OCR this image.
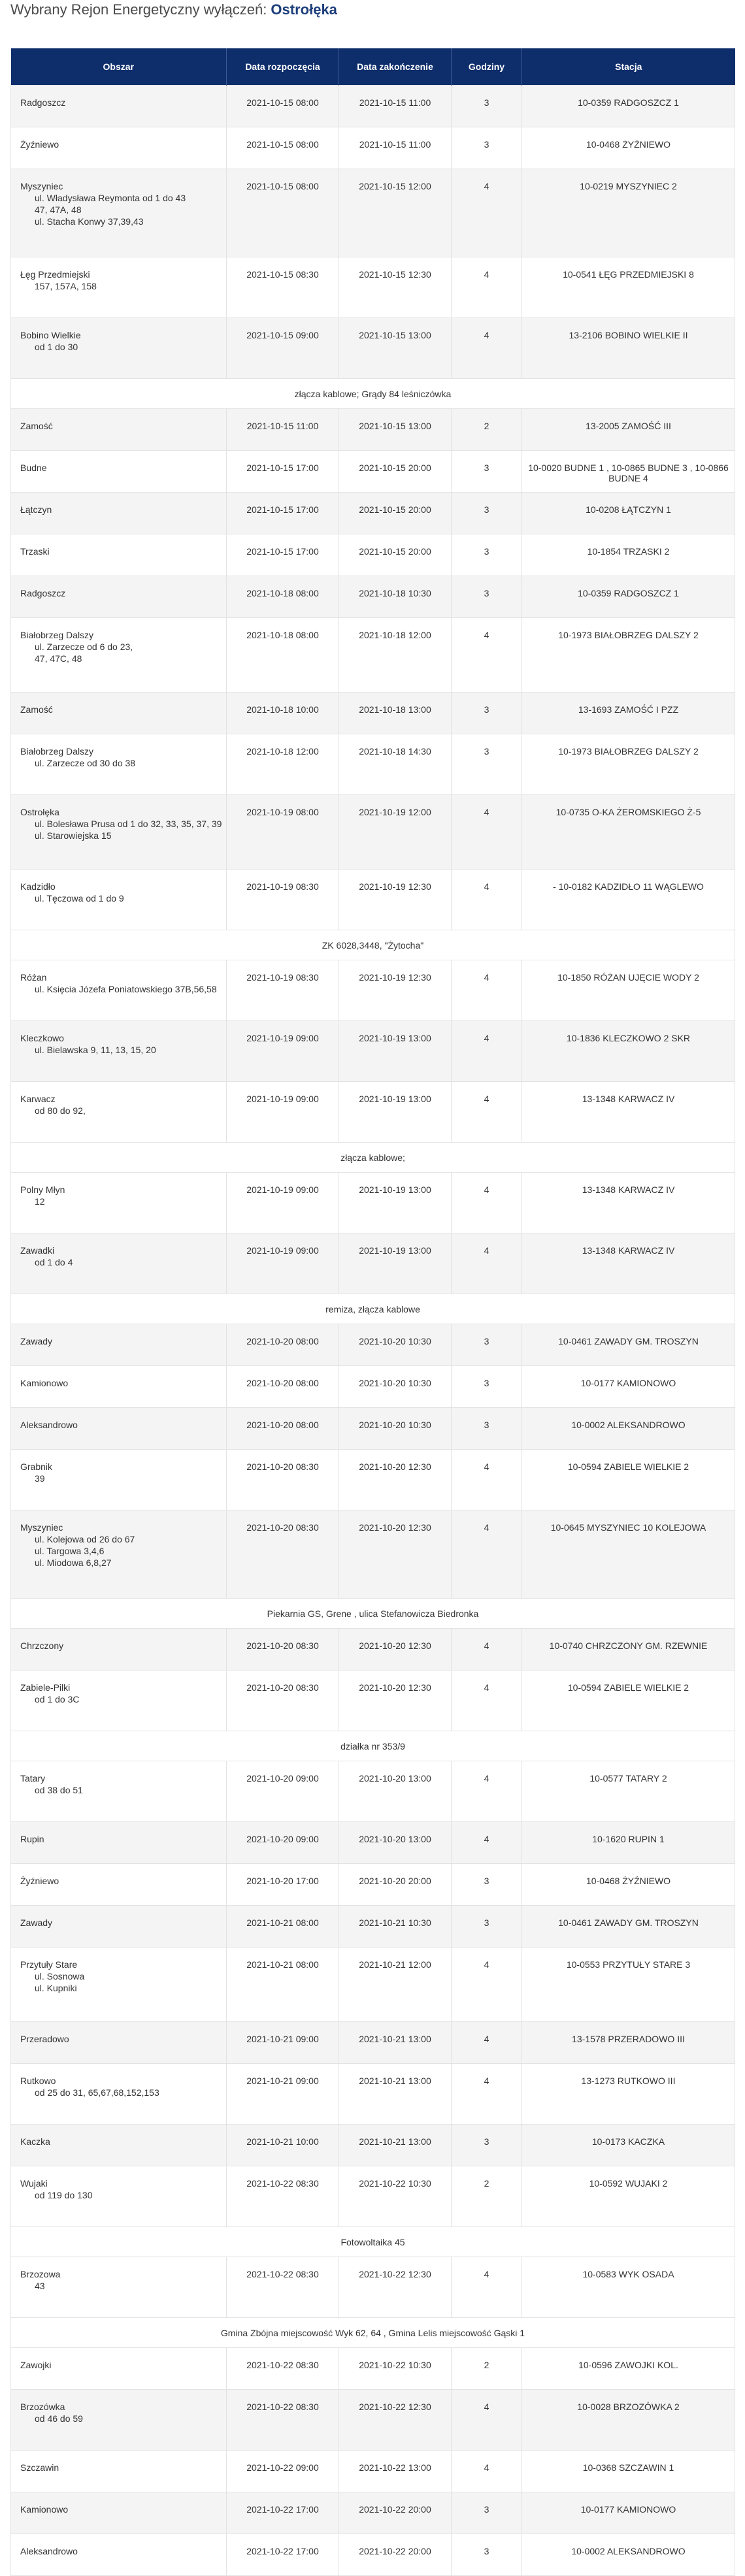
Wybrany Rejon Energetyczny wyłączeń: Ostrołęka
Obszar	Data rozpoczęcia	Data zakończenie	Godziny	Stacja
Radgoszcz	2021-10-15 08:00	2021-10-15 11:00	3	10-0359 RADGOSZCZ 1
Żyźniewo	2021-10-15 08:00	2021-10-15 11:00	3	10-0468 ŻYŹNIEWO
Myszyniec
ul. Władysława Reymonta od 1 do 43
47, 47A, 48
ul. Stacha Konwy 37,39,43	2021-10-15 08:00	2021-10-15 12:00	4	10-0219 MYSZYNIEC 2
Łęg Przedmiejski
157, 157A, 158	2021-10-15 08:30	2021-10-15 12:30	4	10-0541 ŁĘG PRZEDMIEJSKI 8
Bobino Wielkie
od 1 do 30	2021-10-15 09:00	2021-10-15 13:00	4	13-2106 BOBINO WIELKIE II
złącza kablowe; Grądy 84 leśniczówka				
Zamość	2021-10-15 11:00	2021-10-15 13:00	2	13-2005 ZAMOŚĆ III
Budne	2021-10-15 17:00	2021-10-15 20:00	3	10-0020 BUDNE 1 , 10-0865 BUDNE 3 , 10-0866 BUDNE 4
Łątczyn	2021-10-15 17:00	2021-10-15 20:00	3	10-0208 ŁĄTCZYN 1
Trzaski	2021-10-15 17:00	2021-10-15 20:00	3	10-1854 TRZASKI 2
Radgoszcz	2021-10-18 08:00	2021-10-18 10:30	3	10-0359 RADGOSZCZ 1
Białobrzeg Dalszy
ul. Zarzecze od 6 do 23,
47, 47C, 48	2021-10-18 08:00	2021-10-18 12:00	4	10-1973 BIAŁOBRZEG DALSZY 2
Zamość	2021-10-18 10:00	2021-10-18 13:00	3	13-1693 ZAMOŚĆ I PZZ
Białobrzeg Dalszy
ul. Zarzecze od 30 do 38	2021-10-18 12:00	2021-10-18 14:30	3	10-1973 BIAŁOBRZEG DALSZY 2
Ostrołęka
ul. Bolesława Prusa od 1 do 32, 33, 35, 37, 39
ul. Starowiejska 15	2021-10-19 08:00	2021-10-19 12:00	4	10-0735 O-KA ŻEROMSKIEGO Ż-5
Kadzidło
ul. Tęczowa od 1 do 9	2021-10-19 08:30	2021-10-19 12:30	4	- 10-0182 KADZIDŁO 11 WĄGLEWO
ZK 6028,3448, "Żytocha"				
Różan
ul. Księcia Józefa Poniatowskiego 37B,56,58	2021-10-19 08:30	2021-10-19 12:30	4	10-1850 RÓŻAN UJĘCIE WODY 2
Kleczkowo
ul. Bielawska 9, 11, 13, 15, 20	2021-10-19 09:00	2021-10-19 13:00	4	10-1836 KLECZKOWO 2 SKR
Karwacz
od 80 do 92,	2021-10-19 09:00	2021-10-19 13:00	4	13-1348 KARWACZ IV
złącza kablowe;				
Polny Młyn
12	2021-10-19 09:00	2021-10-19 13:00	4	13-1348 KARWACZ IV
Zawadki
od 1 do 4	2021-10-19 09:00	2021-10-19 13:00	4	13-1348 KARWACZ IV
remiza, złącza kablowe				
Zawady	2021-10-20 08:00	2021-10-20 10:30	3	10-0461 ZAWADY GM. TROSZYN
Kamionowo	2021-10-20 08:00	2021-10-20 10:30	3	10-0177 KAMIONOWO
Aleksandrowo	2021-10-20 08:00	2021-10-20 10:30	3	10-0002 ALEKSANDROWO
Grabnik
39	2021-10-20 08:30	2021-10-20 12:30	4	10-0594 ZABIELE WIELKIE 2
Myszyniec
ul. Kolejowa od 26 do 67
ul. Targowa 3,4,6
ul. Miodowa 6,8,27	2021-10-20 08:30	2021-10-20 12:30	4	10-0645 MYSZYNIEC 10 KOLEJOWA
Piekarnia GS, Grene , ulica Stefanowicza Biedronka				
Chrzczony	2021-10-20 08:30	2021-10-20 12:30	4	10-0740 CHRZCZONY GM. RZEWNIE
Zabiele-Pilki
od 1 do 3C	2021-10-20 08:30	2021-10-20 12:30	4	10-0594 ZABIELE WIELKIE 2
działka nr 353/9				
Tatary
od 38 do 51	2021-10-20 09:00	2021-10-20 13:00	4	10-0577 TATARY 2
Rupin	2021-10-20 09:00	2021-10-20 13:00	4	10-1620 RUPIN 1
Żyźniewo	2021-10-20 17:00	2021-10-20 20:00	3	10-0468 ŻYŹNIEWO
Zawady	2021-10-21 08:00	2021-10-21 10:30	3	10-0461 ZAWADY GM. TROSZYN
Przytuły Stare
ul. Sosnowa
ul. Kupniki	2021-10-21 08:00	2021-10-21 12:00	4	10-0553 PRZYTUŁY STARE 3
Przeradowo	2021-10-21 09:00	2021-10-21 13:00	4	13-1578 PRZERADOWO III
Rutkowo
od 25 do 31, 65,67,68,152,153	2021-10-21 09:00	2021-10-21 13:00	4	13-1273 RUTKOWO III
Kaczka	2021-10-21 10:00	2021-10-21 13:00	3	10-0173 KACZKA
Wujaki
od 119 do 130	2021-10-22 08:30	2021-10-22 10:30	2	10-0592 WUJAKI 2
Fotowoltaika 45				
Brzozowa
43	2021-10-22 08:30	2021-10-22 12:30	4	10-0583 WYK OSADA
Gmina Zbójna miejscowość Wyk 62, 64 , Gmina Lelis miejscowość Gąski 1				
Zawojki	2021-10-22 08:30	2021-10-22 10:30	2	10-0596 ZAWOJKI KOL.
Brzozówka
od 46 do 59	2021-10-22 08:30	2021-10-22 12:30	4	10-0028 BRZOZÓWKA 2
Szczawin	2021-10-22 09:00	2021-10-22 13:00	4	10-0368 SZCZAWIN 1
Kamionowo	2021-10-22 17:00	2021-10-22 20:00	3	10-0177 KAMIONOWO
Aleksandrowo	2021-10-22 17:00	2021-10-22 20:00	3	10-0002 ALEKSANDROWO
